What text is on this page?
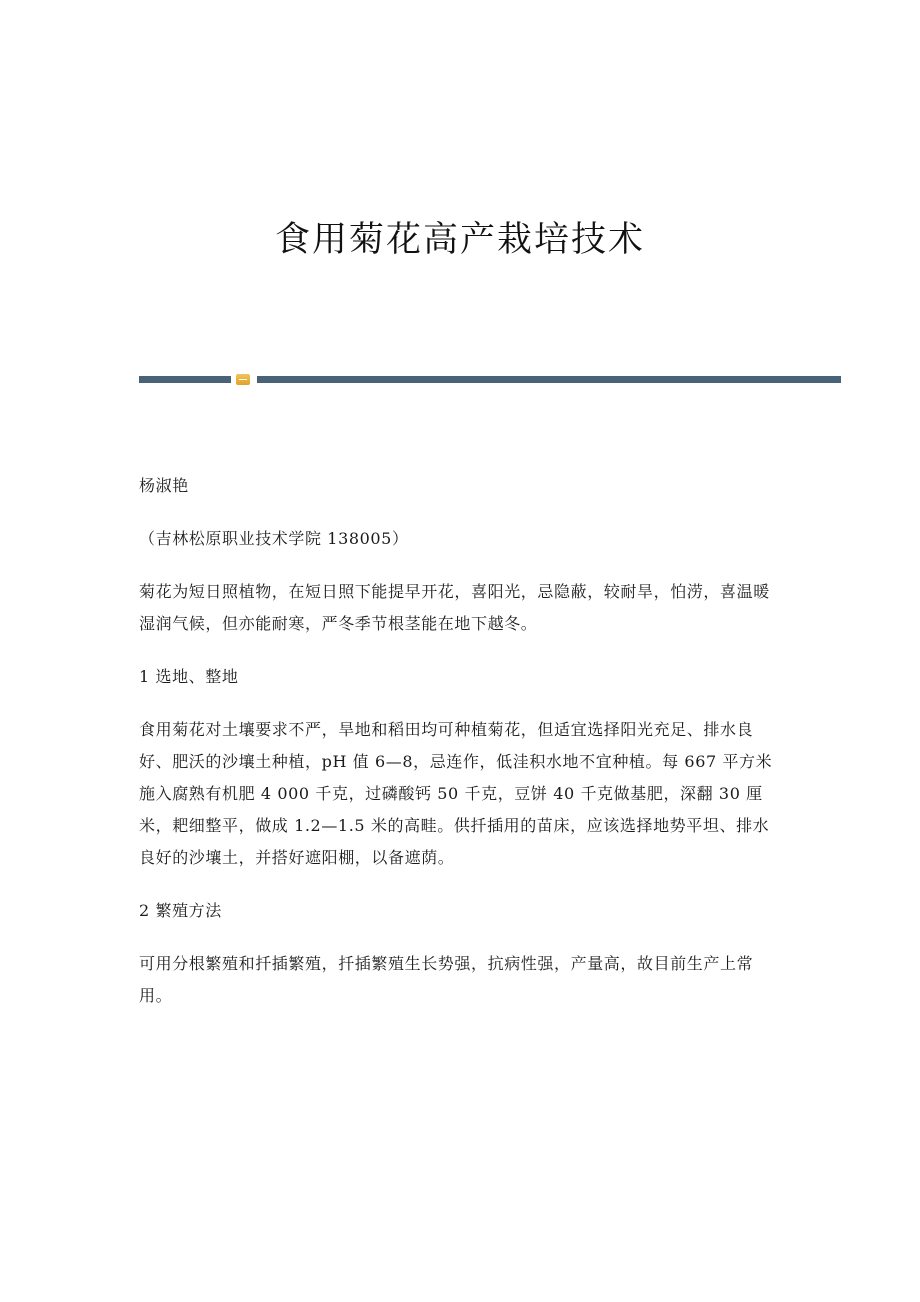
食用菊花高产栽培技术

杨淑艳

（吉林松原职业技术学院 138005）

菊花为短日照植物，在短日照下能提早开花，喜阳光，忌隐蔽，较耐旱，怕涝，喜温暖湿润气候，但亦能耐寒，严冬季节根茎能在地下越冬。

1 选地、整地

食用菊花对土壤要求不严，旱地和稻田均可种植菊花，但适宜选择阳光充足、排水良好、肥沃的沙壤土种植，pH 值 6—8，忌连作，低洼积水地不宜种植。每 667 平方米施入腐熟有机肥 4 000 千克，过磷酸钙 50 千克，豆饼 40 千克做基肥，深翻 30 厘米，耙细整平，做成 1.2—1.5 米的高畦。供扦插用的苗床，应该选择地势平坦、排水良好的沙壤土，并搭好遮阳棚，以备遮荫。

2 繁殖方法

可用分根繁殖和扦插繁殖，扦插繁殖生长势强，抗病性强，产量高，故目前生产上常用。
